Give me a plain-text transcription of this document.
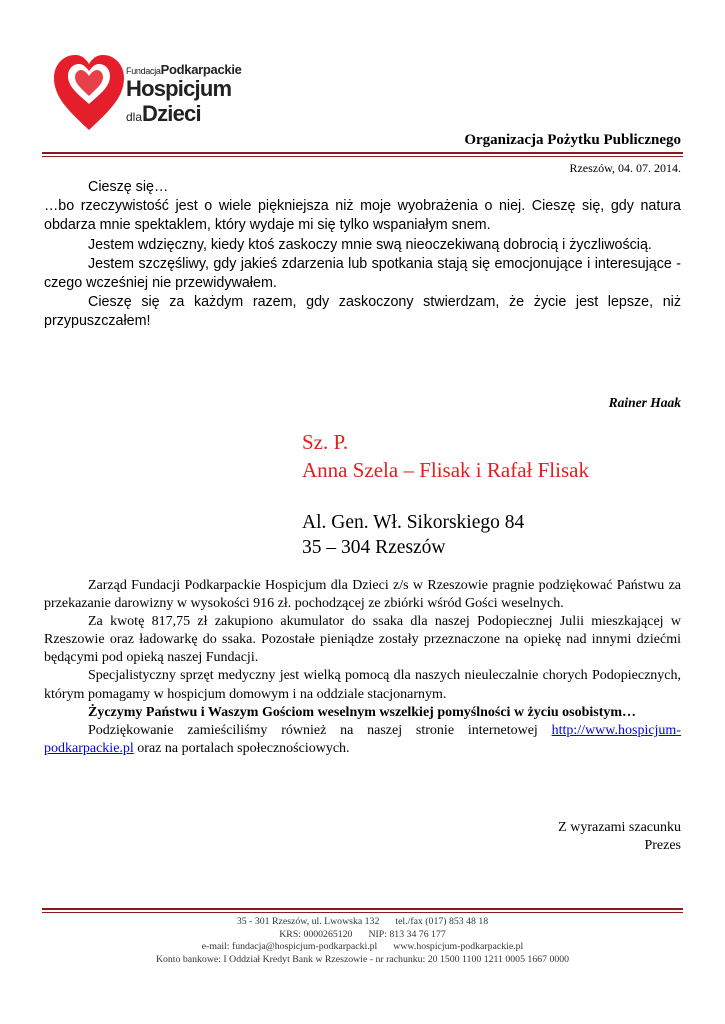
FundacjaPodkarpackie
Hospicjum
dlaDzieci
Organizacja Pożytku Publicznego
Rzeszów, 04. 07. 2014.

Cieszę się…

…bo rzeczywistość jest o wiele piękniejsza niż moje wyobrażenia o niej. Cieszę się, gdy natura obdarza mnie spektaklem, który wydaje mi się tylko wspaniałym snem.

Jestem wdzięczny, kiedy ktoś zaskoczy mnie swą nieoczekiwaną dobrocią i życzliwością.

Jestem szczęśliwy, gdy jakieś zdarzenia lub spotkania stają się emocjonujące i interesujące - czego wcześniej nie przewidywałem.

Cieszę się za każdym razem, gdy zaskoczony stwierdzam, że życie jest lepsze, niż przypuszczałem!

Rainer Haak
Sz. P.
Anna Szela – Flisak i Rafał Flisak
Al. Gen. Wł. Sikorskiego 84
35 – 304 Rzeszów

Zarząd Fundacji Podkarpackie Hospicjum dla Dzieci z/s w Rzeszowie pragnie podziękować Państwu za przekazanie darowizny w wysokości 916 zł. pochodzącej ze zbiórki wśród Gości weselnych.

Za kwotę 817,75 zł zakupiono akumulator do ssaka dla naszej Podopiecznej Julii mieszkającej w Rzeszowie oraz ładowarkę do ssaka. Pozostałe pieniądze zostały przeznaczone na opiekę nad innymi dziećmi będącymi pod opieką naszej Fundacji.

Specjalistyczny sprzęt medyczny jest wielką pomocą dla naszych nieuleczalnie chorych Podopiecznych, którym pomagamy w hospicjum domowym i na oddziale stacjonarnym.

Życzymy Państwu i Waszym Gościom weselnym wszelkiej pomyślności w życiu osobistym…

Podziękowanie zamieściliśmy również na naszej stronie internetowej http://www.hospicjum-podkarpackie.pl oraz na portalach społecznościowych.

Z wyrazami szacunku
Prezes
35 - 301 Rzeszów, ul. Lwowska 132 tel./fax (017) 853 48 18
KRS: 0000265120 NIP: 813 34 76 177
e-mail: fundacja@hospicjum-podkarpacki.pl www.hospicjum-podkarpackie.pl
Konto bankowe: I Oddział Kredyt Bank w Rzeszowie - nr rachunku: 20 1500 1100 1211 0005 1667 0000
